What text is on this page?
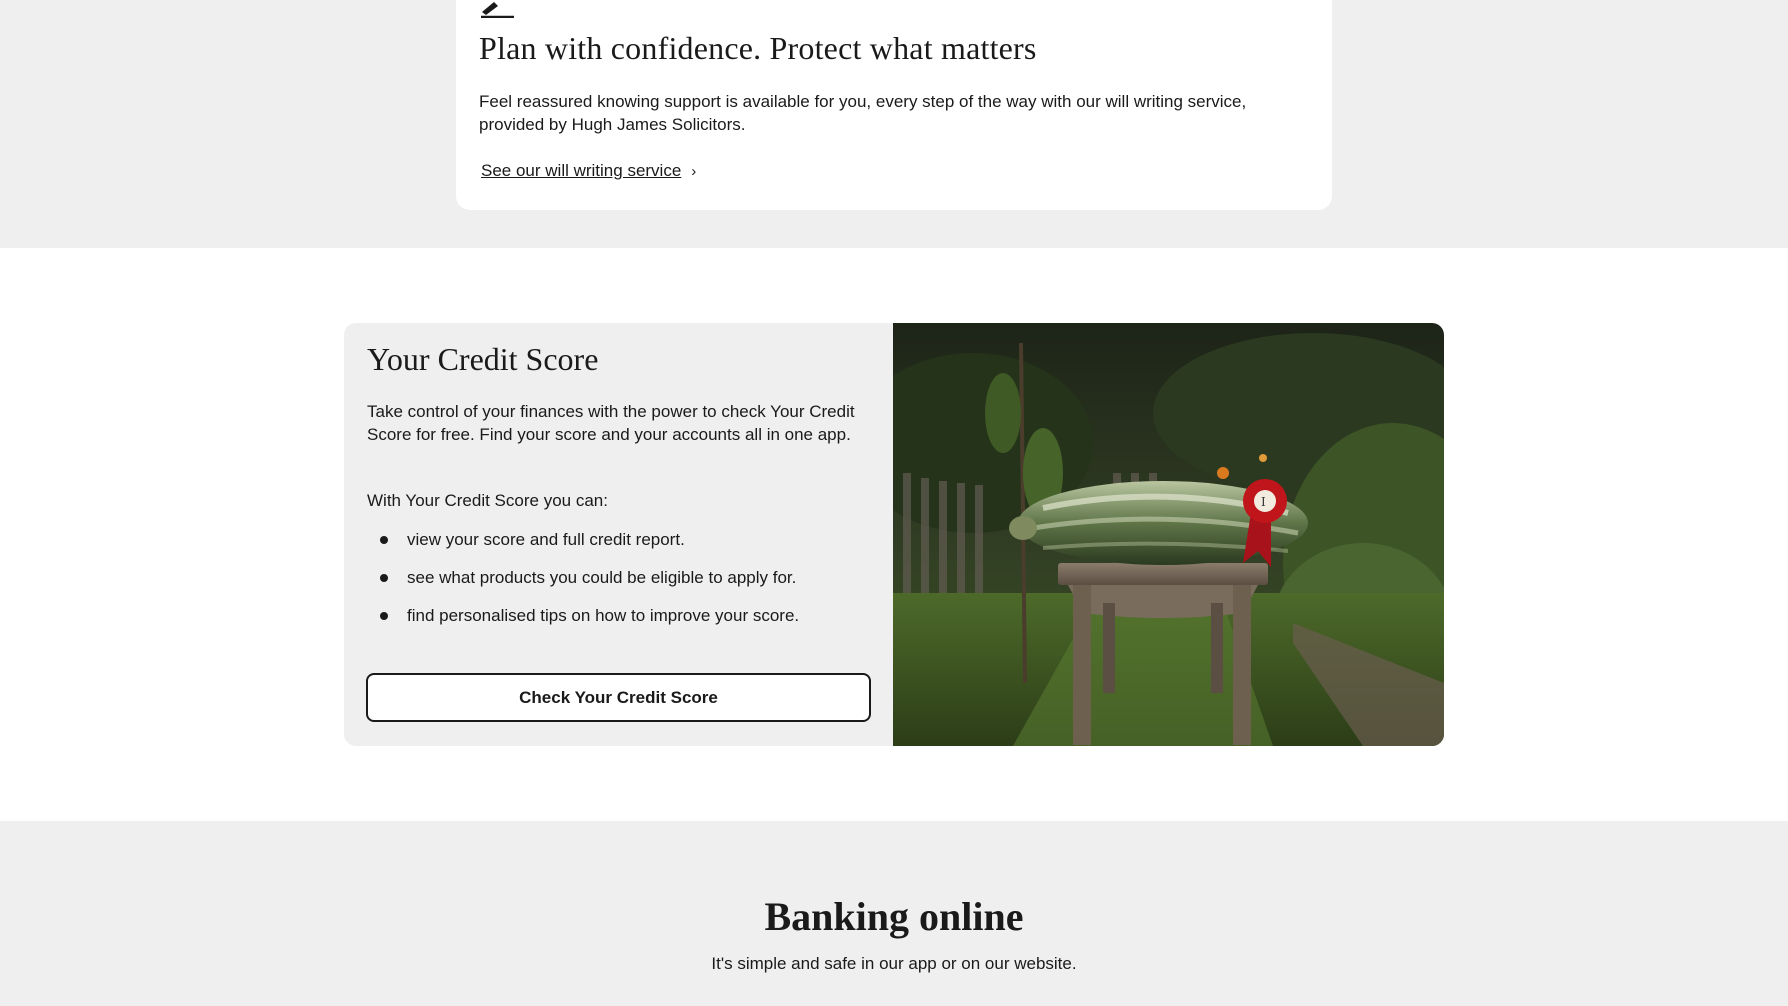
Plan with confidence. Protect what matters

Feel reassured knowing support is available for you, every step of the way with our will writing service, provided by Hugh James Solicitors.

See our will writing service ›
Your Credit Score

Take control of your finances with the power to check Your Credit Score for free. Find your score and your accounts all in one app.

With Your Credit Score you can:

view your score and full credit report.
see what products you could be eligible to apply for.
find personalised tips on how to improve your score.
Check Your Credit Score
I
Banking online

It's simple and safe in our app or on our website.
